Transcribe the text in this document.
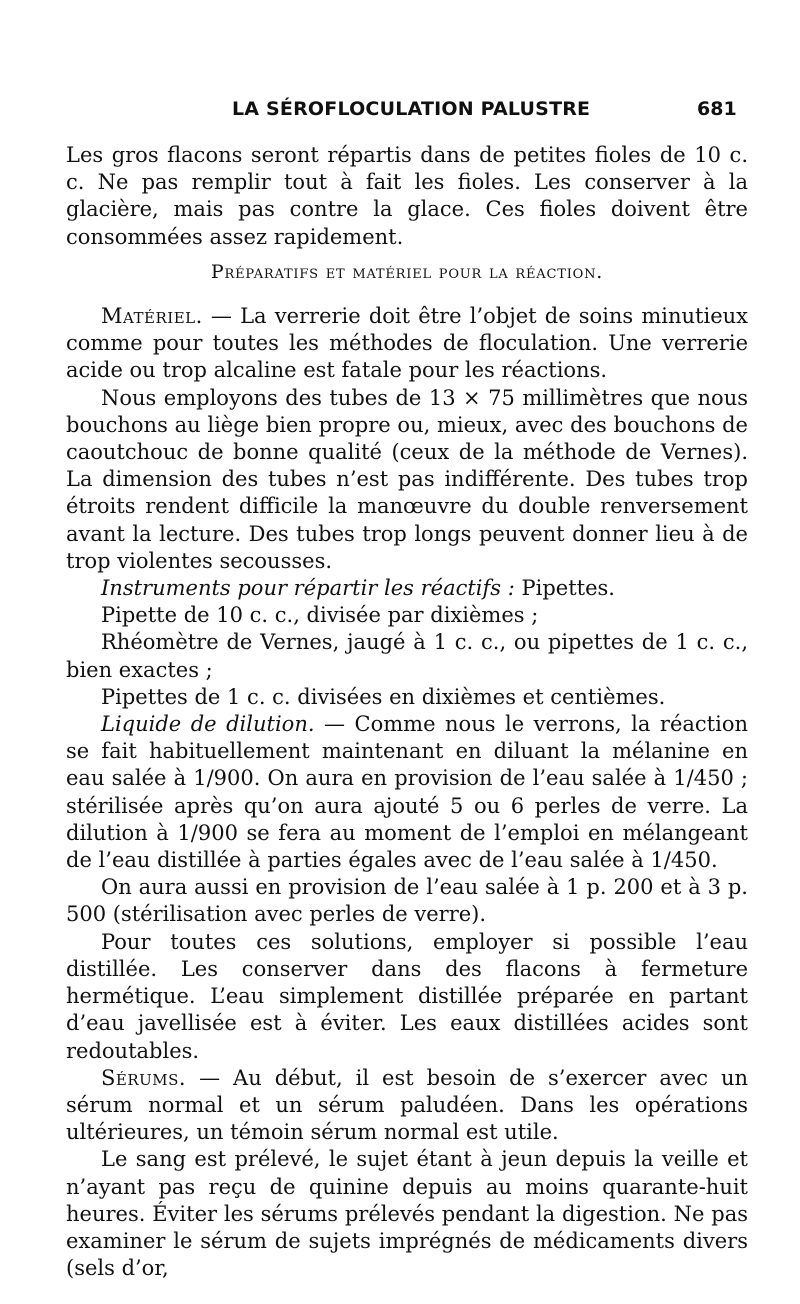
LA SÉROFLOCULATION PALUSTRE	681

Les gros flacons seront répartis dans de petites fioles de 10 c. c. Ne pas remplir tout à fait les fioles. Les conserver à la glacière, mais pas contre la glace. Ces fioles doivent être consommées assez rapidement.

Préparatifs et matériel pour la réaction.

Matériel. — La verrerie doit être l’objet de soins minutieux comme pour toutes les méthodes de floculation. Une verrerie acide ou trop alcaline est fatale pour les réactions.

Nous employons des tubes de 13 × 75 millimètres que nous bouchons au liège bien propre ou, mieux, avec des bouchons de caoutchouc de bonne qualité (ceux de la méthode de Vernes). La dimension des tubes n’est pas indifférente. Des tubes trop étroits rendent difficile la manœuvre du double renversement avant la lecture. Des tubes trop longs peuvent donner lieu à de trop violentes secousses.

Instruments pour répartir les réactifs : Pipettes.

Pipette de 10 c. c., divisée par dixièmes ;

Rhéomètre de Vernes, jaugé à 1 c. c., ou pipettes de 1 c. c., bien exactes ;

Pipettes de 1 c. c. divisées en dixièmes et centièmes.

Liquide de dilution. — Comme nous le verrons, la réaction se fait habituellement maintenant en diluant la mélanine en eau salée à 1/900. On aura en provision de l’eau salée à 1/450 ; stérilisée après qu’on aura ajouté 5 ou 6 perles de verre. La dilution à 1/900 se fera au moment de l’emploi en mélangeant de l’eau distillée à parties égales avec de l’eau salée à 1/450.

On aura aussi en provision de l’eau salée à 1 p. 200 et à 3 p. 500 (stérilisation avec perles de verre).

Pour toutes ces solutions, employer si possible l’eau distillée. Les conserver dans des flacons à fermeture hermétique. L’eau simplement distillée préparée en partant d’eau javellisée est à éviter. Les eaux distillées acides sont redoutables.

Sérums. — Au début, il est besoin de s’exercer avec un sérum normal et un sérum paludéen. Dans les opérations ultérieures, un témoin sérum normal est utile.

Le sang est prélevé, le sujet étant à jeun depuis la veille et n’ayant pas reçu de quinine depuis au moins quarante-huit heures. Éviter les sérums prélevés pendant la digestion. Ne pas examiner le sérum de sujets imprégnés de médicaments divers (sels d’or,
